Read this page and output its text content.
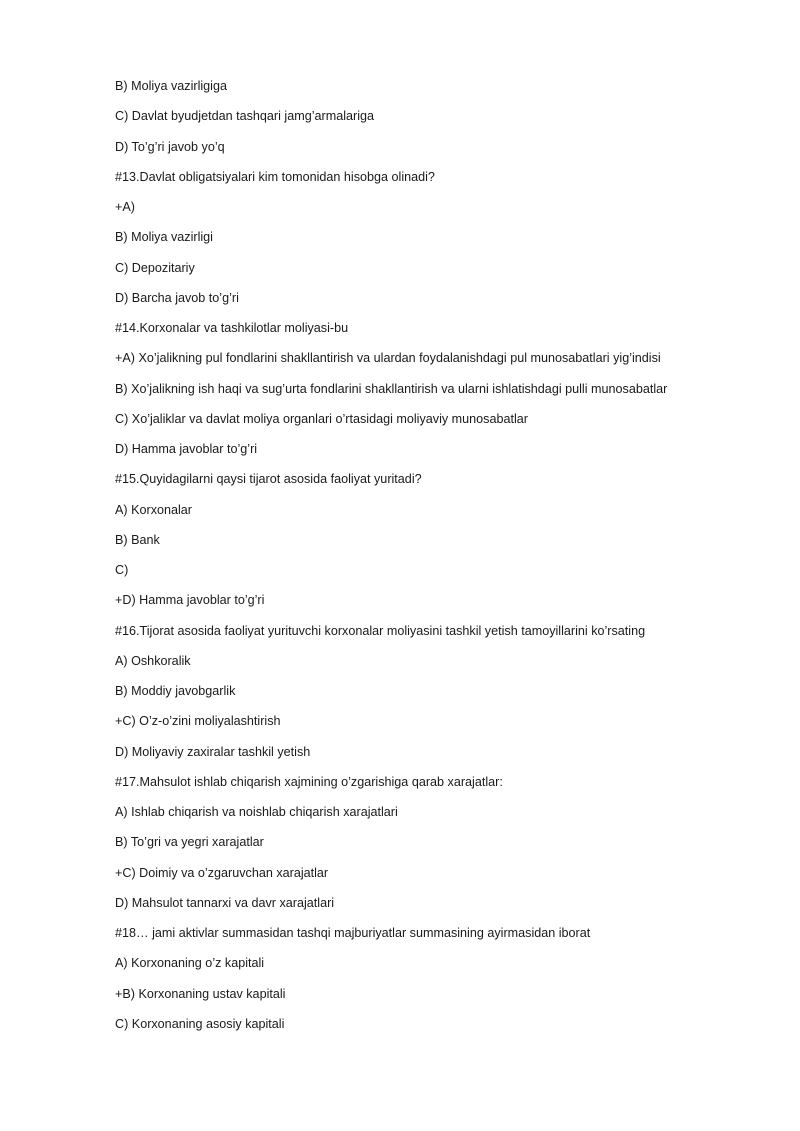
B) Moliya vazirligiga
C) Davlat byudjetdan tashqari jamg’armalariga
D) To’g’ri javob yo’q
#13.Davlat obligatsiyalari kim tomonidan hisobga olinadi?
+A)
B) Moliya vazirligi
C) Depozitariy
D) Barcha javob to’g’ri
#14.Korxonalar va tashkilotlar moliyasi-bu
+A) Xo’jalikning pul fondlarini shakllantirish va ulardan foydalanishdagi pul munosabatlari yig’indisi
B) Xo’jalikning ish haqi va sug’urta fondlarini shakllantirish va ularni ishlatishdagi pulli munosabatlar
C) Xo’jaliklar va davlat moliya organlari o’rtasidagi moliyaviy munosabatlar
D) Hamma javoblar to’g’ri
#15.Quyidagilarni qaysi tijarot asosida faoliyat yuritadi?
A) Korxonalar
B) Bank
C)
+D) Hamma javoblar to’g’ri
#16.Tijorat asosida faoliyat yurituvchi korxonalar moliyasini tashkil yetish tamoyillarini ko’rsating
A) Oshkoralik
B) Moddiy javobgarlik
+C) O’z-o’zini moliyalashtirish
D) Moliyaviy zaxiralar tashkil yetish
#17.Mahsulot ishlab chiqarish xajmining o’zgarishiga qarab xarajatlar:
A) Ishlab chiqarish va noishlab chiqarish xarajatlari
B) To’gri va yegri xarajatlar
+C) Doimiy va o’zgaruvchan xarajatlar
D) Mahsulot tannarxi va davr xarajatlari
#18… jami aktivlar summasidan tashqi majburiyatlar summasining ayirmasidan iborat
A) Korxonaning o’z kapitali
+B) Korxonaning ustav kapitali
C) Korxonaning asosiy kapitali
